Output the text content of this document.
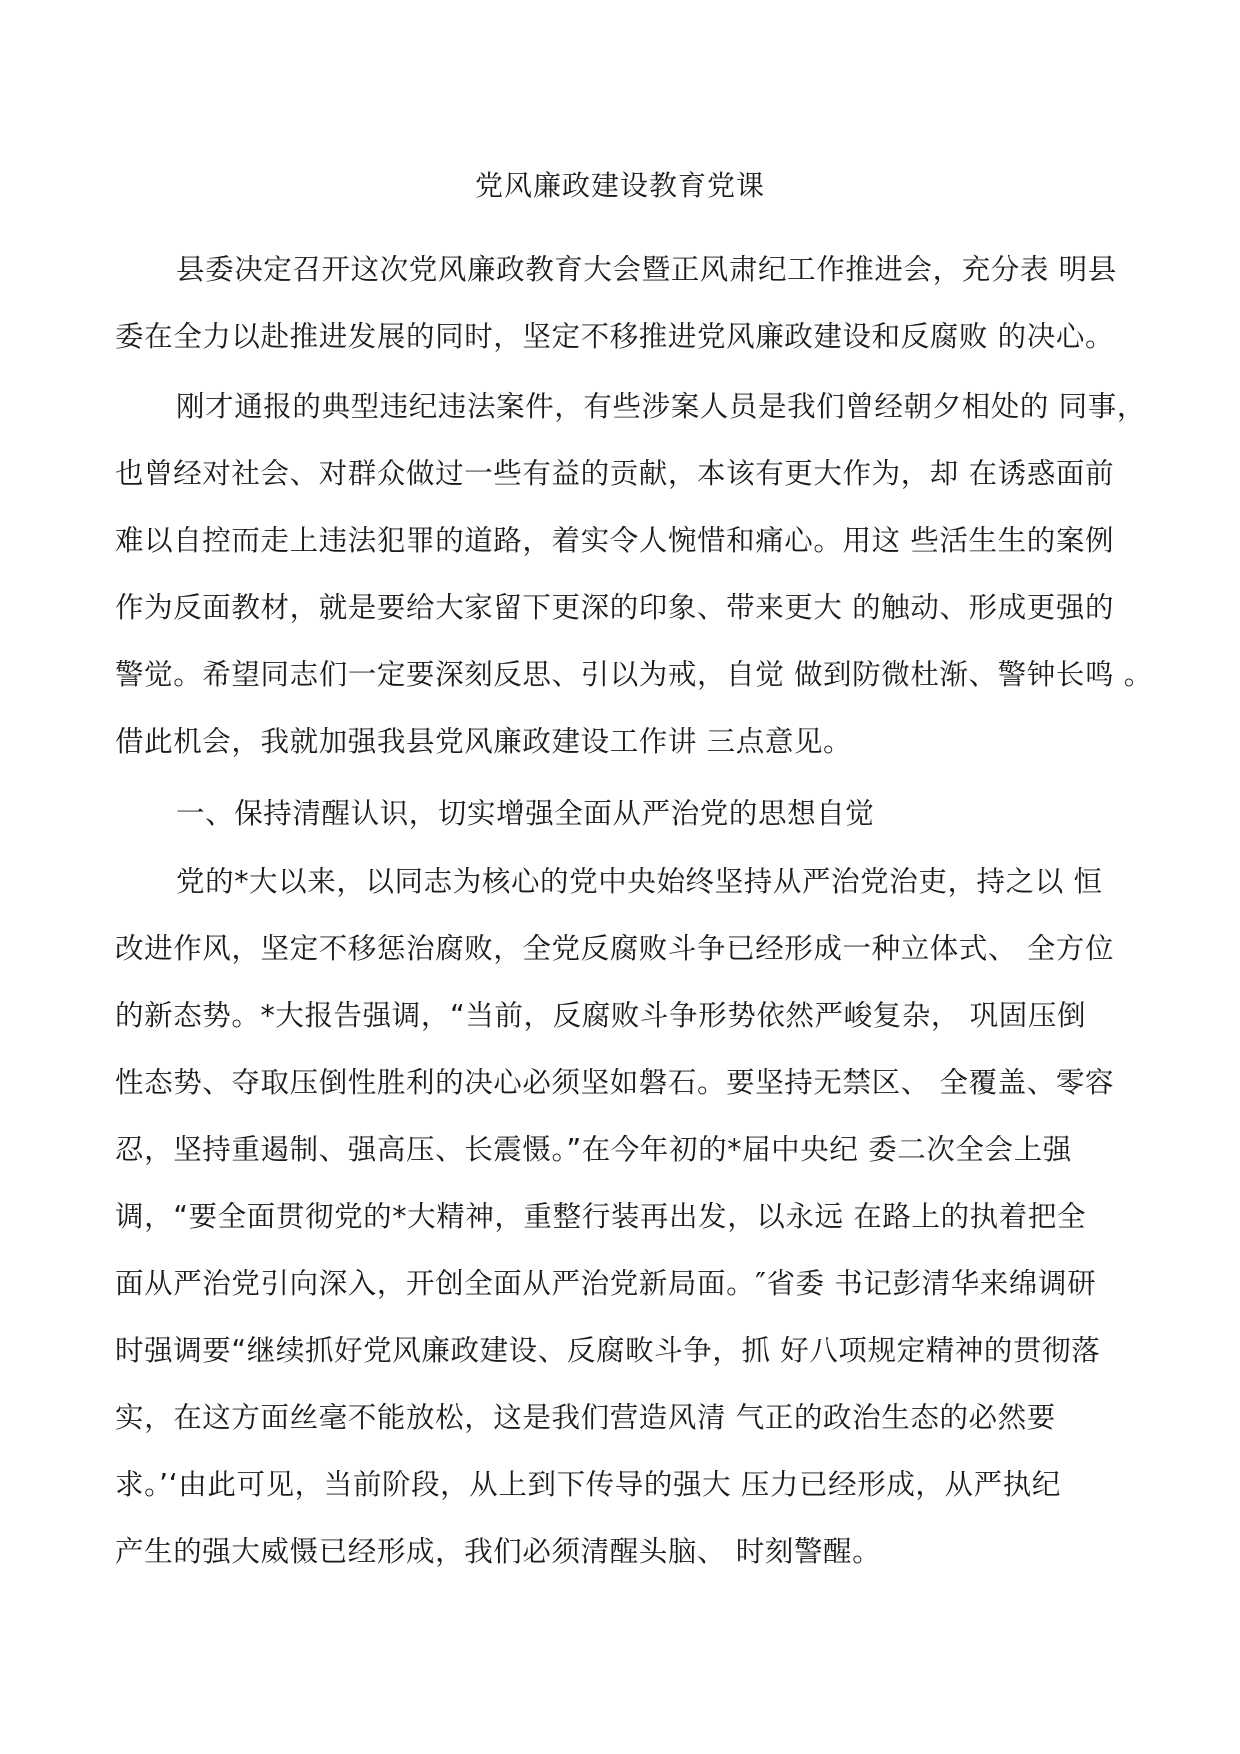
党风廉政建设教育党课
县委决定召开这次党风廉政教育大会暨正风肃纪工作推进会，充分表 明县
委在全力以赴推进发展的同时，坚定不移推进党风廉政建设和反腐败 的决心。
刚才通报的典型违纪违法案件，有些涉案人员是我们曾经朝夕相处的 同事，
也曾经对社会、对群众做过一些有益的贡献，本该有更大作为，却 在诱惑面前
难以自控而走上违法犯罪的道路，着实令人惋惜和痛心。用这 些活生生的案例
作为反面教材，就是要给大家留下更深的印象、带来更大 的触动、形成更强的
警觉。希望同志们一定要深刻反思、引以为戒，自觉 做到防微杜渐、警钟长鸣 。
借此机会，我就加强我县党风廉政建设工作讲 三点意见。
一、保持清醒认识，切实增强全面从严治党的思想自觉
党的*大以来，以同志为核心的党中央始终坚持从严治党治吏，持之以 恒
改进作风，坚定不移惩治腐败，全党反腐败斗争已经形成一种立体式、 全方位
的新态势。*大报告强调，“当前，反腐败斗争形势依然严峻复杂， 巩固压倒
性态势、夺取压倒性胜利的决心必须坚如磐石。要坚持无禁区、 全覆盖、零容
忍，坚持重遏制、强高压、长震慑。”在今年初的*届中央纪 委二次全会上强
调，“要全面贯彻党的*大精神，重整行装再出发，以永远 在路上的执着把全
面从严治党引向深入，开创全面从严治党新局面。″省委 书记彭清华来绵调研
时强调要“继续抓好党风廉政建设、反腐畋斗争，抓 好八项规定精神的贯彻落
实，在这方面丝毫不能放松，这是我们营造风清 气正的政治生态的必然要
求。’‘由此可见，当前阶段，从上到下传导的强大 压力已经形成，从严执纪
产生的强大威慑已经形成，我们必须清醒头脑、 时刻警醒。
